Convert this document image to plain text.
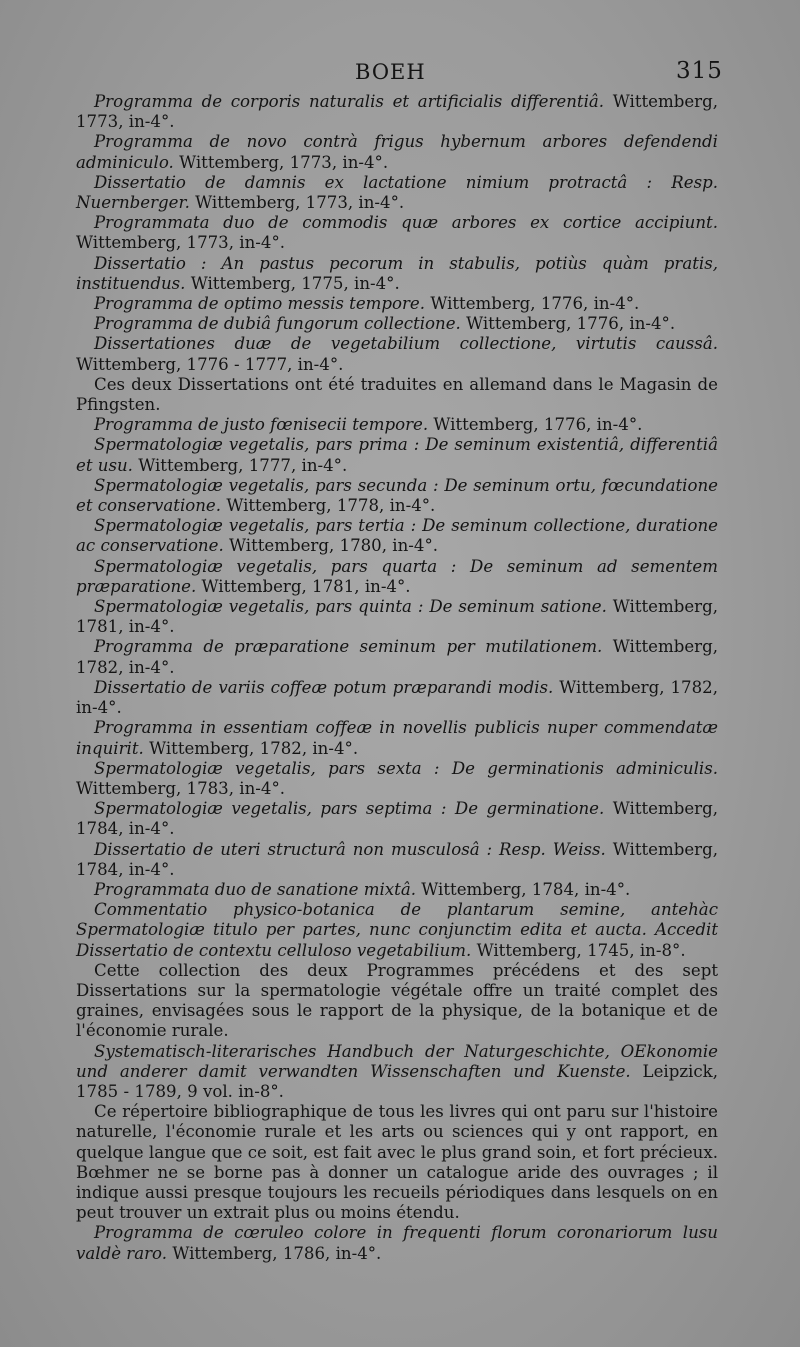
BOEH	315

Programma de corporis naturalis et artificialis differentiâ. Wittemberg, 1773, in-4°.

Programma de novo contrà frigus hybernum arbores defendendi adminiculo. Wittemberg, 1773, in-4°.

Dissertatio de damnis ex lactatione nimium protractâ : Resp. Nuernberger. Wittemberg, 1773, in-4°.

Programmata duo de commodis quæ arbores ex cortice accipiunt. Wittemberg, 1773, in-4°.

Dissertatio : An pastus pecorum in stabulis, potiùs quàm pratis, instituendus. Wittemberg, 1775, in-4°.

Programma de optimo messis tempore. Wittemberg, 1776, in-4°.

Programma de dubiâ fungorum collectione. Wittemberg, 1776, in-4°.

Dissertationes duæ de vegetabilium collectione, virtutis caussâ. Wittemberg, 1776 - 1777, in-4°.

Ces deux Dissertations ont été traduites en allemand dans le Magasin de Pfingsten.

Programma de justo fœnisecii tempore. Wittemberg, 1776, in-4°.

Spermatologiæ vegetalis, pars prima : De seminum existentiâ, differentiâ et usu. Wittemberg, 1777, in-4°.

Spermatologiæ vegetalis, pars secunda : De seminum ortu, fœcundatione et conservatione. Wittemberg, 1778, in-4°.

Spermatologiæ vegetalis, pars tertia : De seminum collectione, duratione ac conservatione. Wittemberg, 1780, in-4°.

Spermatologiæ vegetalis, pars quarta : De seminum ad sementem præparatione. Wittemberg, 1781, in-4°.

Spermatologiæ vegetalis, pars quinta : De seminum satione. Wittemberg, 1781, in-4°.

Programma de præparatione seminum per mutilationem. Wittemberg, 1782, in-4°.

Dissertatio de variis coffeæ potum præparandi modis. Wittemberg, 1782, in-4°.

Programma in essentiam coffeæ in novellis publicis nuper commendatæ inquirit. Wittemberg, 1782, in-4°.

Spermatologiæ vegetalis, pars sexta : De germinationis adminiculis. Wittemberg, 1783, in-4°.

Spermatologiæ vegetalis, pars septima : De germinatione. Wittemberg, 1784, in-4°.

Dissertatio de uteri structurâ non musculosâ : Resp. Weiss. Wittemberg, 1784, in-4°.

Programmata duo de sanatione mixtâ. Wittemberg, 1784, in-4°.

Commentatio physico-botanica de plantarum semine, antehàc Spermatologiæ titulo per partes, nunc conjunctim edita et aucta. Accedit Dissertatio de contextu celluloso vegetabilium. Wittemberg, 1745, in-8°.

Cette collection des deux Programmes précédens et des sept Dissertations sur la spermatologie végétale offre un traité complet des graines, envisagées sous le rapport de la physique, de la botanique et de l'économie rurale.

Systematisch-literarisches Handbuch der Naturgeschichte, OEkonomie und anderer damit verwandten Wissenschaften und Kuenste. Leipzick, 1785 - 1789, 9 vol. in-8°.

Ce répertoire bibliographique de tous les livres qui ont paru sur l'histoire naturelle, l'économie rurale et les arts ou sciences qui y ont rapport, en quelque langue que ce soit, est fait avec le plus grand soin, et fort précieux. Bœhmer ne se borne pas à donner un catalogue aride des ouvrages ; il indique aussi presque toujours les recueils périodiques dans lesquels on en peut trouver un extrait plus ou moins étendu.

Programma de cœruleo colore in frequenti florum coronariorum lusu valdè raro. Wittemberg, 1786, in-4°.
